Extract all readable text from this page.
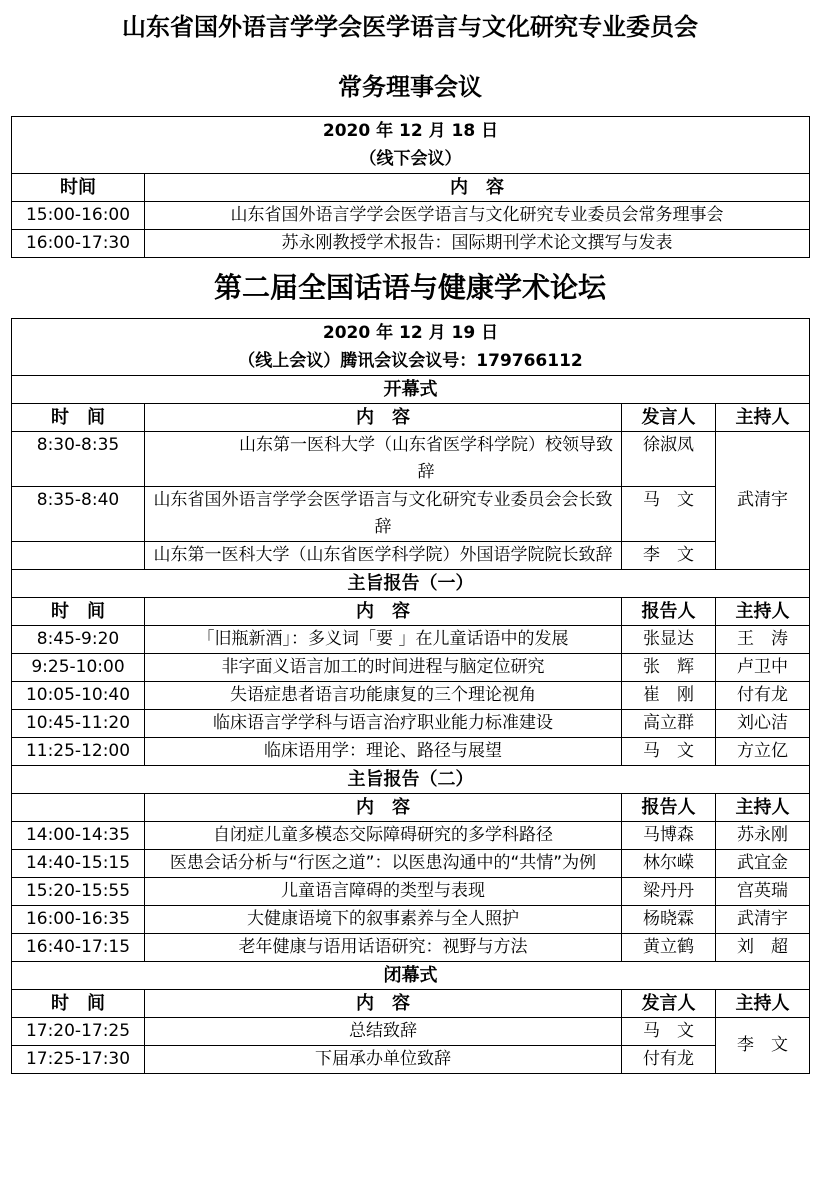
山东省国外语言学学会医学语言与文化研究专业委员会
常务理事会议
2020 年 12 月 18 日
（线下会议）	

时间	内　容
15:00-16:00	山东省国外语言学学会医学语言与文化研究专业委员会常务理事会
16:00-17:30	苏永刚教授学术报告：国际期刊学术论文撰写与发表
第二届全国话语与健康学术论坛
2020 年 12 月 19 日
（线上会议）腾讯会议会议号：179766112			

开幕式			
时　间	内　容	发言人	主持人
8:30-8:35	山东第一医科大学（山东省医学科学院）校领导致辞	徐淑凤	武清宇
8:35-8:40	山东省国外语言学学会医学语言与文化研究专业委员会会长致辞	马　文	
	山东第一医科大学（山东省医学科学院）外国语学院院长致辞	李　文	
主旨报告（一）			
时　间	内　容	报告人	主持人
8:45-9:20	「旧瓶新酒」：多义词「要 」在儿童话语中的发展	张显达	王　涛
9:25-10:00	非字面义语言加工的时间进程与脑定位研究	张　辉	卢卫中
10:05-10:40	失语症患者语言功能康复的三个理论视角	崔　刚	付有龙
10:45-11:20	临床语言学学科与语言治疗职业能力标准建设	高立群	刘心洁
11:25-12:00	临床语用学：理论、路径与展望	马　文	方立亿
主旨报告（二）			
	内　容	报告人	主持人
14:00-14:35	自闭症儿童多模态交际障碍研究的多学科路径	马博森	苏永刚
14:40-15:15	医患会话分析与“行医之道”：以医患沟通中的“共情”为例	林尔嵘	武宜金
15:20-15:55	儿童语言障碍的类型与表现	梁丹丹	宫英瑞
16:00-16:35	大健康语境下的叙事素养与全人照护	杨晓霖	武清宇
16:40-17:15	老年健康与语用话语研究：视野与方法	黄立鹤	刘　超
闭幕式			
时　间	内　容	发言人	主持人
17:20-17:25	总结致辞	马　文	李　文
17:25-17:30	下届承办单位致辞	付有龙	
